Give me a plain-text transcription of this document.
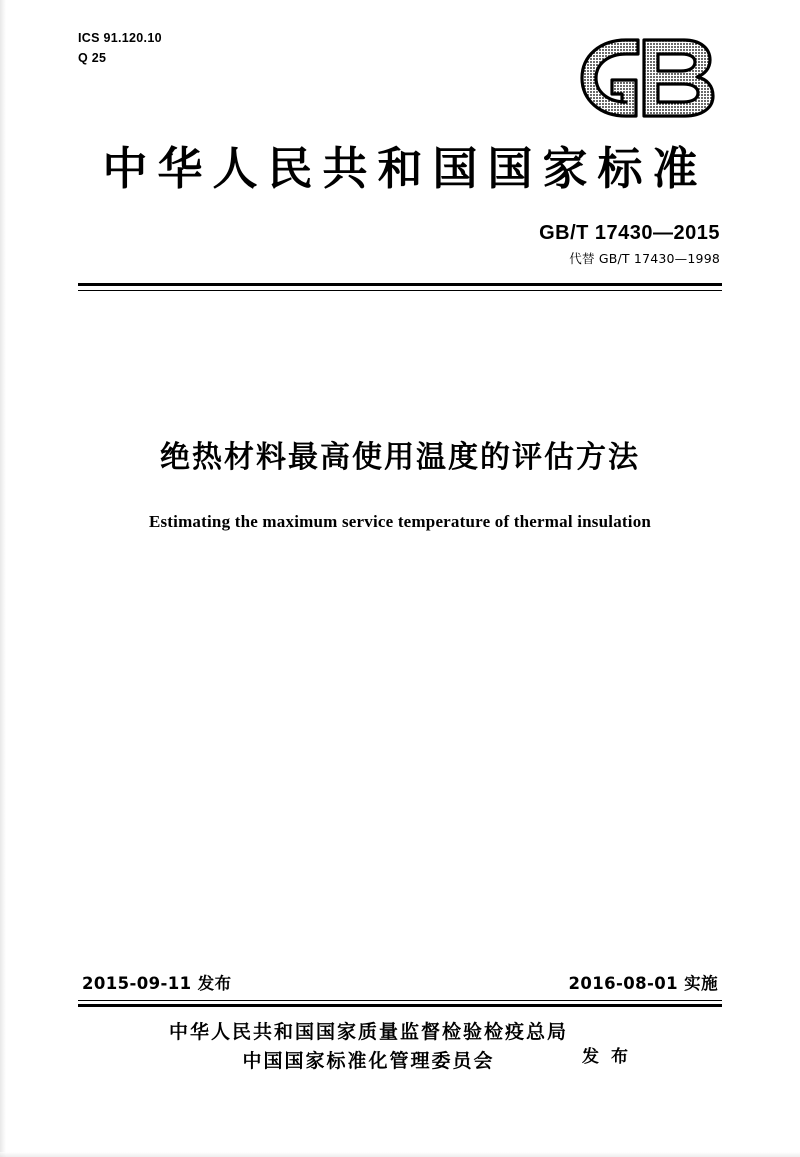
ICS 91.120.10
Q 25
中华人民共和国国家标准
GB/T 17430—2015
代替 GB/T 17430—1998
绝热材料最高使用温度的评估方法
Estimating the maximum service temperature of thermal insulation
2015-09-11 发布	2016-08-01 实施
中华人民共和国国家质量监督检验检疫总局
中国国家标准化管理委员会	发 布
